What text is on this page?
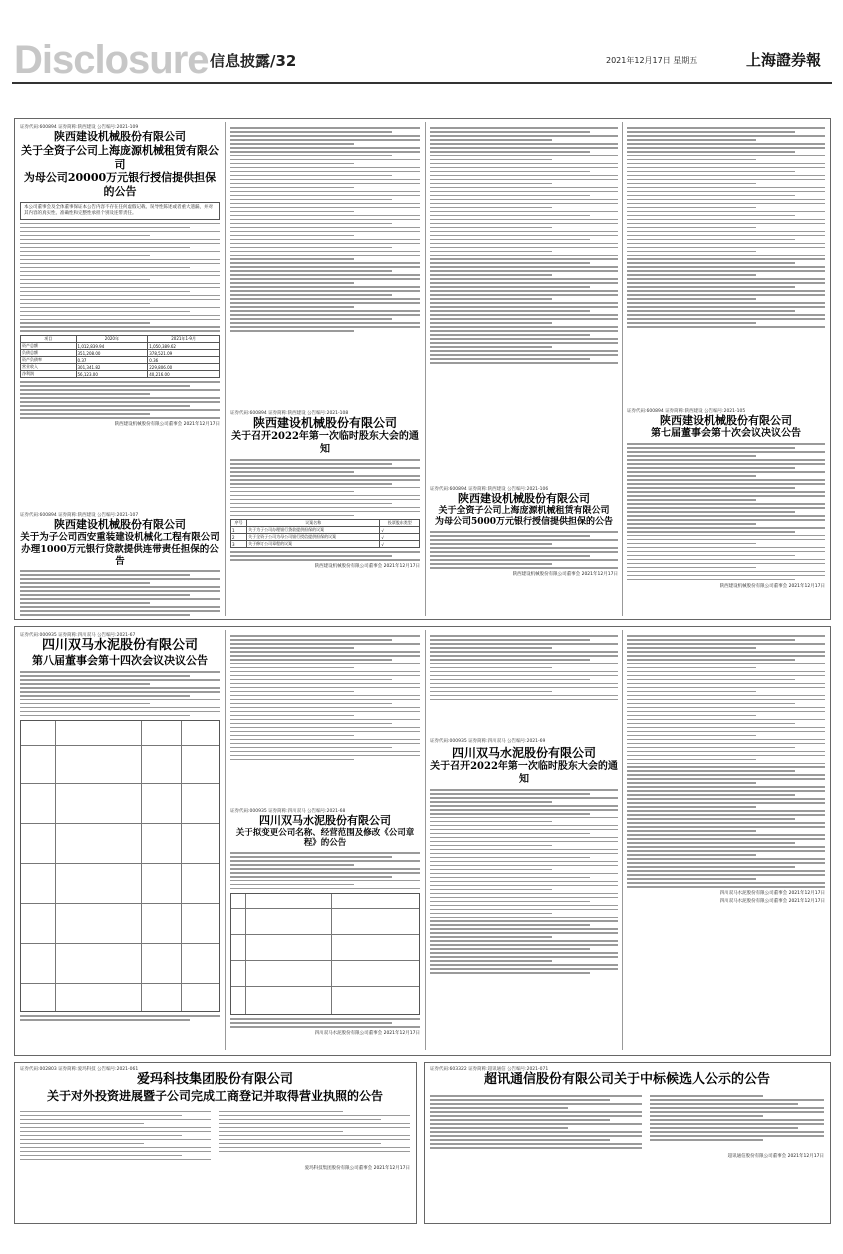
Disclosure 信息披露/32	2021年12月17日 星期五	上海證券報
证券代码:600894 证券简称:陕西建设 公告编号:2021-109
陕西建设机械股份有限公司
关于全资子公司上海庞源机械租赁有限公司
为母公司20000万元银行授信提供担保的公告
本公司董事会及全体董事保证本公告内容不存在任何虚假记载、误导性陈述或者重大遗漏，并对其内容的真实性、准确性和完整性承担个别及连带责任。
项目	2020年	2021年1-9月
资产总额	1,012,839.94	1,050,389.62
负债总额	351,208.00	378,521.09
资产负债率	0.37	0.36
营业收入	301,341.82	229,806.00
净利润	56,123.00	40,216.00
陕西建设机械股份有限公司董事会 2021年12月17日
证券代码:600894 证券简称:陕西建设 公告编号:2021-107
陕西建设机械股份有限公司
关于为子公司西安重装建设机械化工程有限公司
办理1000万元银行贷款提供连带责任担保的公告
证券代码:600894 证券简称:陕西建设 公告编号:2021-108
陕西建设机械股份有限公司
关于召开2022年第一次临时股东大会的通知
序号	议案名称	投票股东类型
1	关于为子公司办理银行贷款提供担保的议案	√
2	关于全资子公司为母公司银行授信提供担保的议案	√
3	关于修订公司章程的议案	√
陕西建设机械股份有限公司董事会 2021年12月17日
证券代码:600894 证券简称:陕西建设 公告编号:2021-106
陕西建设机械股份有限公司
关于全资子公司上海庞源机械租赁有限公司
为母公司5000万元银行授信提供担保的公告
陕西建设机械股份有限公司董事会 2021年12月17日
证券代码:600894 证券简称:陕西建设 公告编号:2021-105
陕西建设机械股份有限公司
第七届董事会第十次会议决议公告
陕西建设机械股份有限公司董事会 2021年12月17日
证券代码:000935 证券简称:四川双马 公告编号:2021-67
四川双马水泥股份有限公司
第八届董事会第十四次会议决议公告
证券代码:000935 证券简称:四川双马 公告编号:2021-68
四川双马水泥股份有限公司
关于拟变更公司名称、经营范围及修改《公司章程》的公告
四川双马水泥股份有限公司董事会 2021年12月17日
证券代码:000935 证券简称:四川双马 公告编号:2021-69
四川双马水泥股份有限公司
关于召开2022年第一次临时股东大会的通知
四川双马水泥股份有限公司董事会 2021年12月17日
四川双马水泥股份有限公司董事会 2021年12月17日
证券代码:002803 证券简称:爱玛科技 公告编号:2021-061
爱玛科技集团股份有限公司
关于对外投资进展暨子公司完成工商登记并取得营业执照的公告
爱玛科技集团股份有限公司董事会 2021年12月17日
证券代码:603322 证券简称:超讯通信 公告编号:2021-071
超讯通信股份有限公司关于中标候选人公示的公告
超讯通信股份有限公司董事会 2021年12月17日
